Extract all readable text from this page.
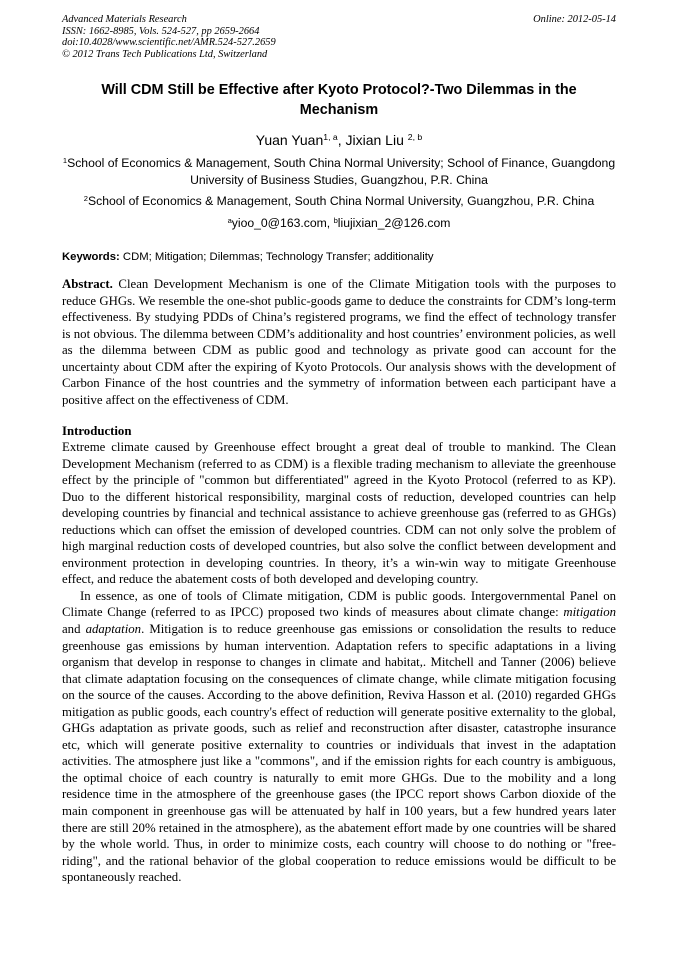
Advanced Materials Research
ISSN: 1662-8985, Vols. 524-527, pp 2659-2664
doi:10.4028/www.scientific.net/AMR.524-527.2659
© 2012 Trans Tech Publications Ltd, Switzerland
Online: 2012-05-14
Will CDM Still be Effective after Kyoto Protocol?-Two Dilemmas in the Mechanism
Yuan Yuan$^{1, a}$, Jixian Liu $^{2, b}$
$^1$School of Economics & Management, South China Normal University; School of Finance, Guangdong University of Business Studies, Guangzhou, P.R. China
$^2$School of Economics & Management, South China Normal University, Guangzhou, P.R. China
$^a$yioo_0@163.com, $^b$liujixian_2@126.com
Keywords: CDM; Mitigation; Dilemmas; Technology Transfer; additionality

Abstract. Clean Development Mechanism is one of the Climate Mitigation tools with the purposes to reduce GHGs. We resemble the one-shot public-goods game to deduce the constraints for CDM’s long-term effectiveness. By studying PDDs of China’s registered programs, we find the effect of technology transfer is not obvious. The dilemma between CDM’s additionality and host countries’ environment policies, as well as the dilemma between CDM as public good and technology as private good can account for the uncertainty about CDM after the expiring of Kyoto Protocols. Our analysis shows with the development of Carbon Finance of the host countries and the symmetry of information between each participant have a positive affect on the effectiveness of CDM.

Introduction

Extreme climate caused by Greenhouse effect brought a great deal of trouble to mankind. The Clean Development Mechanism (referred to as CDM) is a flexible trading mechanism to alleviate the greenhouse effect by the principle of "common but differentiated" agreed in the Kyoto Protocol (referred to as KP). Duo to the different historical responsibility, marginal costs of reduction, developed countries can help developing countries by financial and technical assistance to achieve greenhouse gas (referred to as GHGs) reductions which can offset the emission of developed countries. CDM can not only solve the problem of high marginal reduction costs of developed countries, but also solve the conflict between development and environment protection in developing countries. In theory, it’s a win-win way to mitigate Greenhouse effect, and reduce the abatement costs of both developed and developing country.

In essence, as one of tools of Climate mitigation, CDM is public goods. Intergovernmental Panel on Climate Change (referred to as IPCC) proposed two kinds of measures about climate change: mitigation and adaptation. Mitigation is to reduce greenhouse gas emissions or consolidation the results to reduce greenhouse gas emissions by human intervention. Adaptation refers to specific adaptations in a living organism that develop in response to changes in climate and habitat,. Mitchell and Tanner (2006) believe that climate adaptation focusing on the consequences of climate change, while climate mitigation focusing on the source of the causes. According to the above definition, Reviva Hasson et al. (2010) regarded GHGs mitigation as public goods, each country's effect of reduction will generate positive externality to the global, GHGs adaptation as private goods, such as relief and reconstruction after disaster, catastrophe insurance etc, which will generate positive externality to countries or individuals that invest in the adaptation activities. The atmosphere just like a "commons", and if the emission rights for each country is ambiguous, the optimal choice of each country is naturally to emit more GHGs. Due to the mobility and a long residence time in the atmosphere of the greenhouse gases (the IPCC report shows Carbon dioxide of the main component in greenhouse gas will be attenuated by half in 100 years, but a few hundred years later there are still 20% retained in the atmosphere), as the abatement effort made by one countries will be shared by the whole world. Thus, in order to minimize costs, each country will choose to do nothing or "free-riding", and the rational behavior of the global cooperation to reduce emissions would be difficult to be spontaneously reached.
